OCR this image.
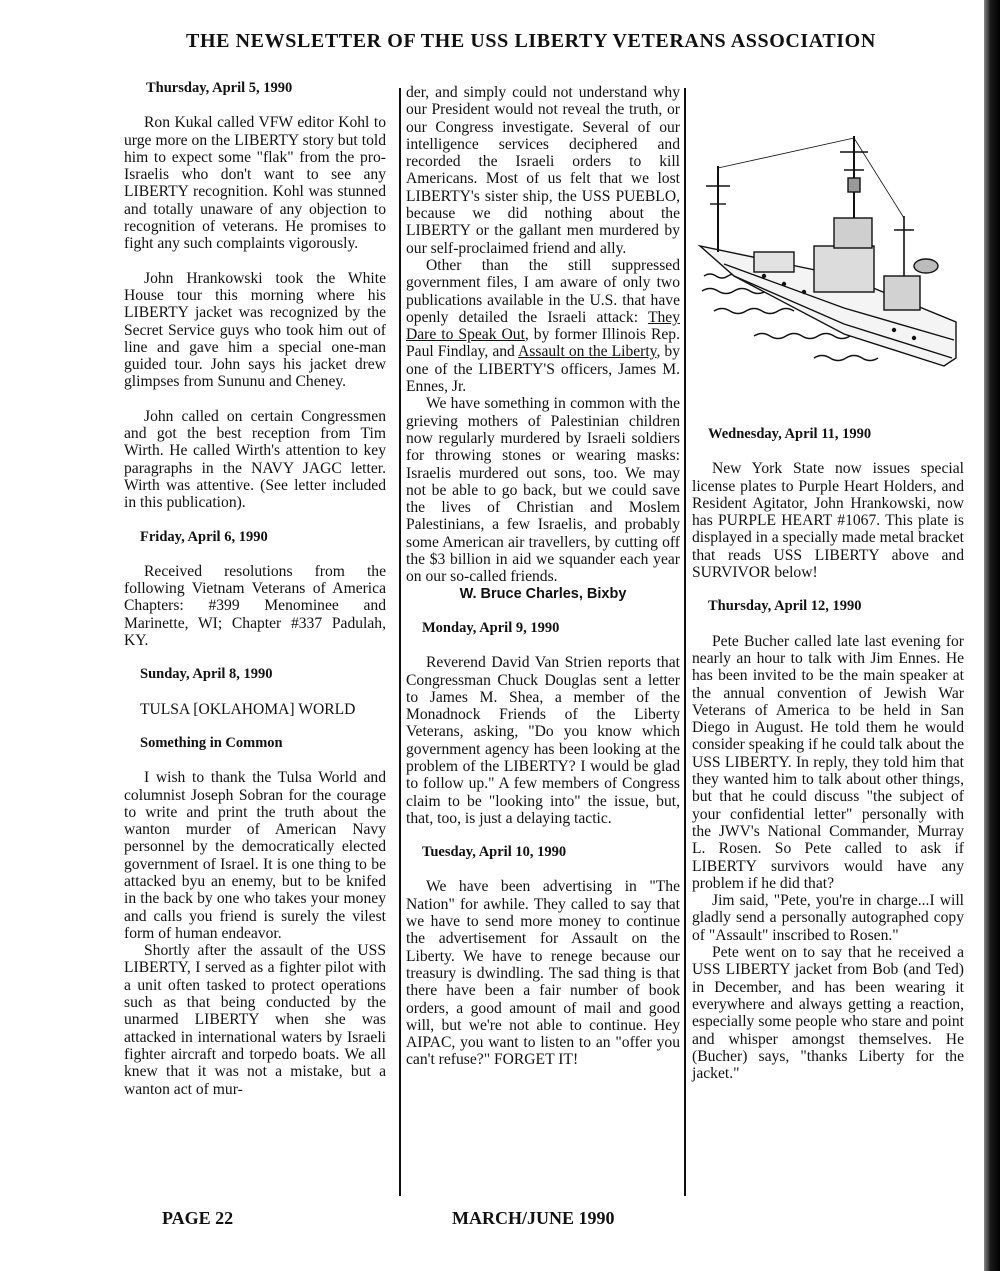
THE NEWSLETTER OF THE USS LIBERTY VETERANS ASSOCIATION

Thursday, April 5, 1990

Ron Kukal called VFW editor Kohl to urge more on the LIBERTY story but told him to expect some "flak" from the pro-Israelis who don't want to see any LIBERTY recognition. Kohl was stunned and totally unaware of any objection to recognition of veterans. He promises to fight any such complaints vigorously.

John Hrankowski took the White House tour this morning where his LIBERTY jacket was recognized by the Secret Service guys who took him out of line and gave him a special one-man guided tour. John says his jacket drew glimpses from Sununu and Cheney.

John called on certain Congressmen and got the best reception from Tim Wirth. He called Wirth's attention to key paragraphs in the NAVY JAGC letter. Wirth was attentive. (See letter included in this publication).

Friday, April 6, 1990

Received resolutions from the following Vietnam Veterans of America Chapters: #399 Menominee and Marinette, WI; Chapter #337 Padulah, KY.

Sunday, April 8, 1990

TULSA [OKLAHOMA] WORLD

Something in Common

I wish to thank the Tulsa World and columnist Joseph Sobran for the courage to write and print the truth about the wanton murder of American Navy personnel by the democratically elected government of Israel. It is one thing to be attacked byu an enemy, but to be knifed in the back by one who takes your money and calls you friend is surely the vilest form of human endeavor.

Shortly after the assault of the USS LIBERTY, I served as a fighter pilot with a unit often tasked to protect operations such as that being conducted by the unarmed LIBERTY when she was attacked in international waters by Israeli fighter aircraft and torpedo boats. We all knew that it was not a mistake, but a wanton act of mur-

der, and simply could not understand why our President would not reveal the truth, or our Congress investigate. Several of our intelligence services deciphered and recorded the Israeli orders to kill Americans. Most of us felt that we lost LIBERTY's sister ship, the USS PUEBLO, because we did nothing about the LIBERTY or the gallant men murdered by our self-proclaimed friend and ally.

Other than the still suppressed government files, I am aware of only two publications available in the U.S. that have openly detailed the Israeli attack: They Dare to Speak Out, by former Illinois Rep. Paul Findlay, and Assault on the Liberty, by one of the LIBERTY'S officers, James M. Ennes, Jr.

We have something in common with the grieving mothers of Palestinian children now regularly murdered by Israeli soldiers for throwing stones or wearing masks: Israelis murdered out sons, too. We may not be able to go back, but we could save the lives of Christian and Moslem Palestinians, a few Israelis, and probably some American air travellers, by cutting off the $3 billion in aid we squander each year on our so-called friends.

W. Bruce Charles, Bixby

Monday, April 9, 1990

Reverend David Van Strien reports that Congressman Chuck Douglas sent a letter to James M. Shea, a member of the Monadnock Friends of the Liberty Veterans, asking, "Do you know which government agency has been looking at the problem of the LIBERTY? I would be glad to follow up." A few members of Congress claim to be "looking into" the issue, but, that, too, is just a delaying tactic.

Tuesday, April 10, 1990

We have been advertising in "The Nation" for awhile. They called to say that we have to send more money to continue the advertisement for Assault on the Liberty. We have to renege because our treasury is dwindling. The sad thing is that there have been a fair number of book orders, a good amount of mail and good will, but we're not able to continue. Hey AIPAC, you want to listen to an "offer you can't refuse?" FORGET IT!

Wednesday, April 11, 1990

New York State now issues special license plates to Purple Heart Holders, and Resident Agitator, John Hrankowski, now has PURPLE HEART #1067. This plate is displayed in a specially made metal bracket that reads USS LIBERTY above and SURVIVOR below!

Thursday, April 12, 1990

Pete Bucher called late last evening for nearly an hour to talk with Jim Ennes. He has been invited to be the main speaker at the annual convention of Jewish War Veterans of America to be held in San Diego in August. He told them he would consider speaking if he could talk about the USS LIBERTY. In reply, they told him that they wanted him to talk about other things, but that he could discuss "the subject of your confidential letter" personally with the JWV's National Commander, Murray L. Rosen. So Pete called to ask if LIBERTY survivors would have any problem if he did that?

Jim said, "Pete, you're in charge...I will gladly send a personally autographed copy of "Assault" inscribed to Rosen."

Pete went on to say that he received a USS LIBERTY jacket from Bob (and Ted) in December, and has been wearing it everywhere and always getting a reaction, especially some people who stare and point and whisper amongst themselves. He (Bucher) says, "thanks Liberty for the jacket."

PAGE 22	MARCH/JUNE 1990
